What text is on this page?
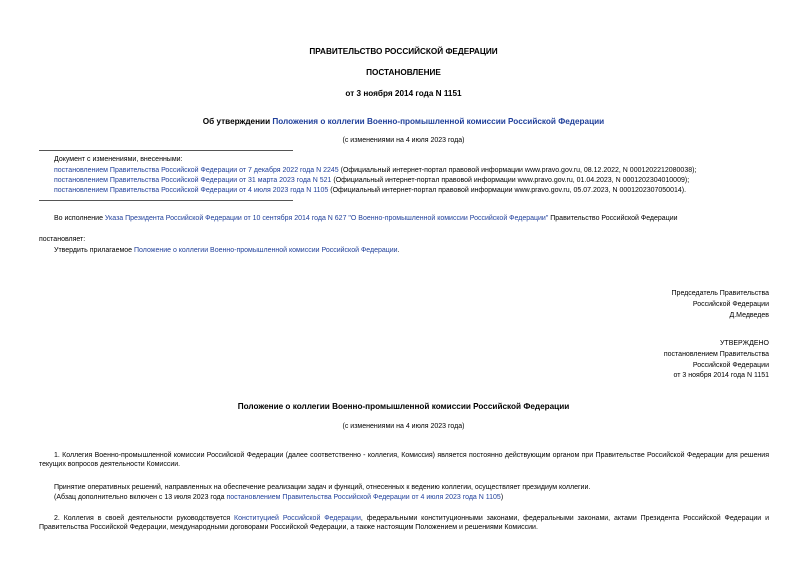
ПРАВИТЕЛЬСТВО РОССИЙСКОЙ ФЕДЕРАЦИИ
ПОСТАНОВЛЕНИЕ
от 3 ноября 2014 года N 1151
Об утверждении Положения о коллегии Военно-промышленной комиссии Российской Федерации
(с изменениями на 4 июля 2023 года)
Документ с изменениями, внесенными:
постановлением Правительства Российской Федерации от 7 декабря 2022 года N 2245 (Официальный интернет-портал правовой информации www.pravo.gov.ru, 08.12.2022, N 0001202212080038);
постановлением Правительства Российской Федерации от 31 марта 2023 года N 521 (Официальный интернет-портал правовой информации www.pravo.gov.ru, 01.04.2023, N 0001202304010009);
постановлением Правительства Российской Федерации от 4 июля 2023 года N 1105 (Официальный интернет-портал правовой информации www.pravo.gov.ru, 05.07.2023, N 0001202307050014).
Во исполнение Указа Президента Российской Федерации от 10 сентября 2014 года N 627 "О Военно-промышленной комиссии Российской Федерации" Правительство Российской Федерации
постановляет:
Утвердить прилагаемое Положение о коллегии Военно-промышленной комиссии Российской Федерации.
Председатель Правительства
Российской Федерации
Д.Медведев
УТВЕРЖДЕНО
постановлением Правительства
Российской Федерации
от 3 ноября 2014 года N 1151
Положение о коллегии Военно-промышленной комиссии Российской Федерации
(с изменениями на 4 июля 2023 года)
1. Коллегия Военно-промышленной комиссии Российской Федерации (далее соответственно - коллегия, Комиссия) является постоянно действующим органом при Правительстве Российской Федерации для решения текущих вопросов деятельности Комиссии.
Принятие оперативных решений, направленных на обеспечение реализации задач и функций, отнесенных к ведению коллегии, осуществляет президиум коллегии.
(Абзац дополнительно включен с 13 июля 2023 года постановлением Правительства Российской Федерации от 4 июля 2023 года N 1105)
2. Коллегия в своей деятельности руководствуется Конституцией Российской Федерации, федеральными конституционными законами, федеральными законами, актами Президента Российской Федерации и Правительства Российской Федерации, международными договорами Российской Федерации, а также настоящим Положением и решениями Комиссии.
